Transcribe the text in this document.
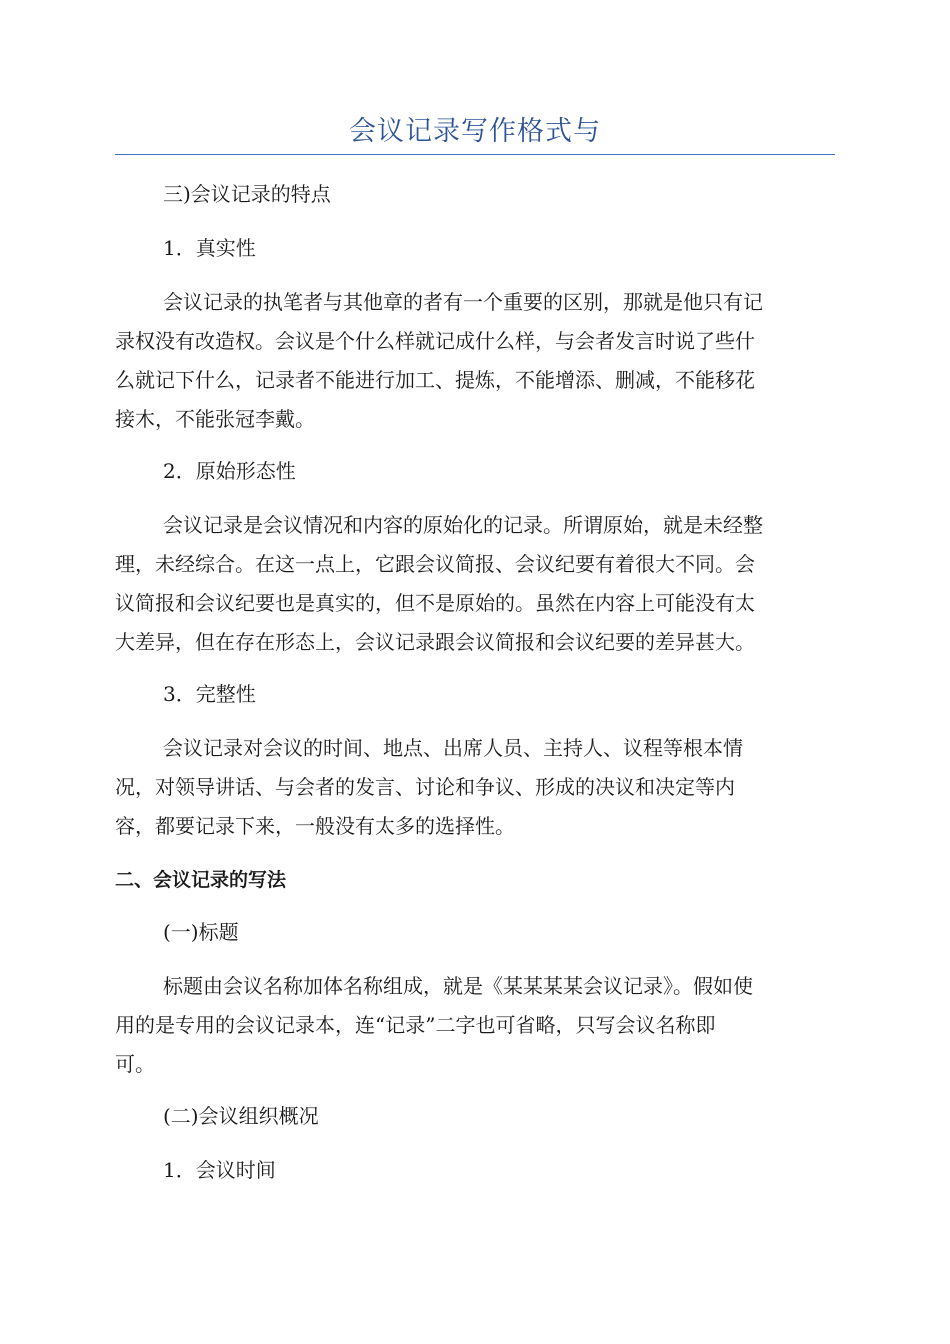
会议记录写作格式与
三)会议记录的特点
1．真实性
会议记录的执笔者与其他章的者有一个重要的区别，那就是他只有记
录权没有改造权。会议是个什么样就记成什么样，与会者发言时说了些什
么就记下什么，记录者不能进行加工、提炼，不能增添、删减，不能移花
接木，不能张冠李戴。
2．原始形态性
会议记录是会议情况和内容的原始化的记录。所谓原始，就是未经整
理，未经综合。在这一点上，它跟会议简报、会议纪要有着很大不同。会
议简报和会议纪要也是真实的，但不是原始的。虽然在内容上可能没有太
大差异，但在存在形态上，会议记录跟会议简报和会议纪要的差异甚大。
3．完整性
会议记录对会议的时间、地点、出席人员、主持人、议程等根本情
况，对领导讲话、与会者的发言、讨论和争议、形成的决议和决定等内
容，都要记录下来，一般没有太多的选择性。
二、会议记录的写法
(一)标题
标题由会议名称加体名称组成，就是《某某某某会议记录》。假如使
用的是专用的会议记录本，连“记录”二字也可省略，只写会议名称即
可。
(二)会议组织概况
1．会议时间
